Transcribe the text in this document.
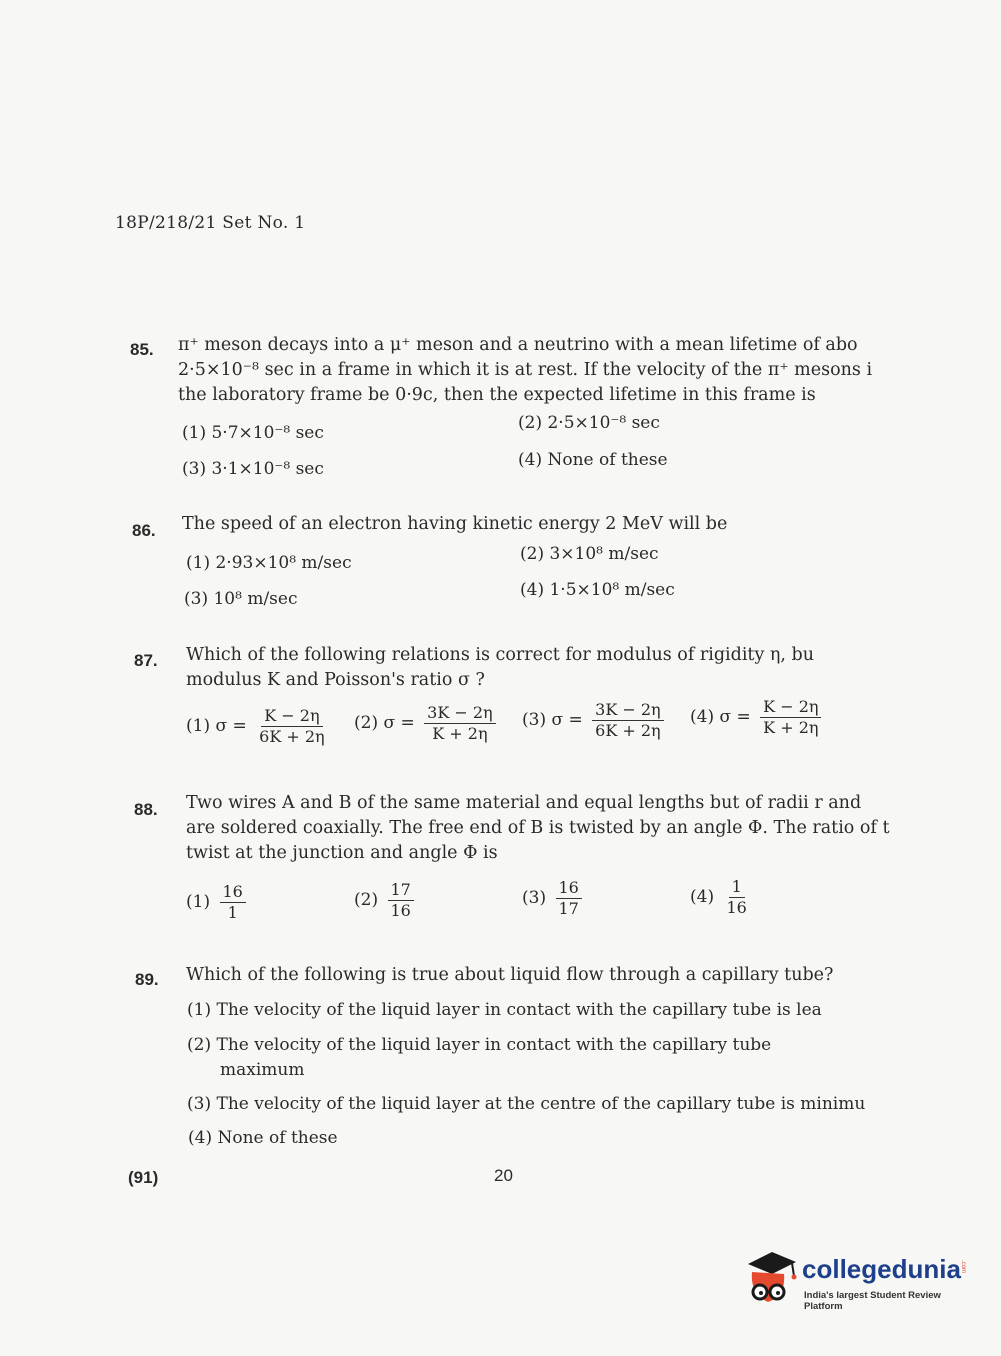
18P/218/21 Set No. 1
85. π⁺ meson decays into a μ⁺ meson and a neutrino with a mean lifetime of abo
2·5×10⁻⁸ sec in a frame in which it is at rest. If the velocity of the π⁺ mesons i
the laboratory frame be 0·9c, then the expected lifetime in this frame is
(1) 5·7×10⁻⁸ sec	(2) 2·5×10⁻⁸ sec
(3) 3·1×10⁻⁸ sec	(4) None of these
86. The speed of an electron having kinetic energy 2 MeV will be
(1) 2·93×10⁸ m/sec	(2) 3×10⁸ m/sec
(3) 10⁸ m/sec	(4) 1·5×10⁸ m/sec
87. Which of the following relations is correct for modulus of rigidity η, bu
modulus K and Poisson's ratio σ ?
(1) $\sigma = \frac{K - 2\eta}{6K + 2\eta} (2) \sigma = \frac{3K - 2\eta}{K + 2\eta} (3) \sigma = \frac{3K - 2\eta}{6K + 2\eta} (4) \sigma = \frac{K - 2\eta}{K + 2\eta}$
88. Two wires A and B of the same material and equal lengths but of radii r and
are soldered coaxially. The free end of B is twisted by an angle Φ. The ratio of t
twist at the junction and angle Φ is
$(1) \frac{16}{1}$	$(2) \frac{17}{16}$	$(3) \frac{16}{17}$	$(4) \frac{1}{16}$
89. Which of the following is true about liquid flow through a capillary tube?
(1) The velocity of the liquid layer in contact with the capillary tube is lea
(2) The velocity of the liquid layer in contact with the capillary tube
maximum
(3) The velocity of the liquid layer at the centre of the capillary tube is minimu
(4) None of these
(91)	20
collegedunia .com
India's largest Student Review Platform
